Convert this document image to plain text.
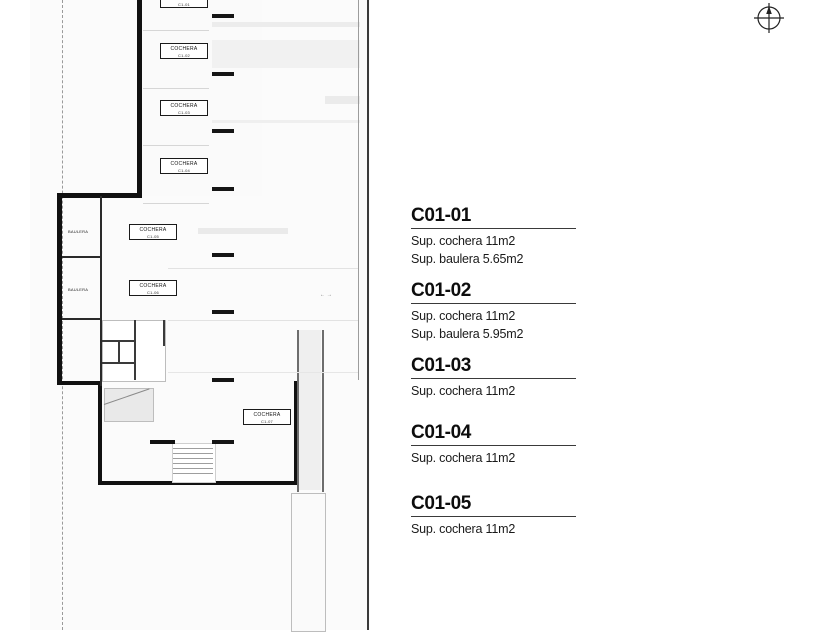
← →
C1-01
COCHERA
C1-02
COCHERA
C1-03
COCHERA
C1-04
COCHERA
C1-05
COCHERA
C1-06
COCHERA
C1-07
BAULERA
BAULERA
C01-01
Sup. cochera 11m2
Sup. baulera 5.65m2
C01-02
Sup. cochera 11m2
Sup. baulera 5.95m2
C01-03
Sup. cochera 11m2
C01-04
Sup. cochera 11m2
C01-05
Sup. cochera 11m2
